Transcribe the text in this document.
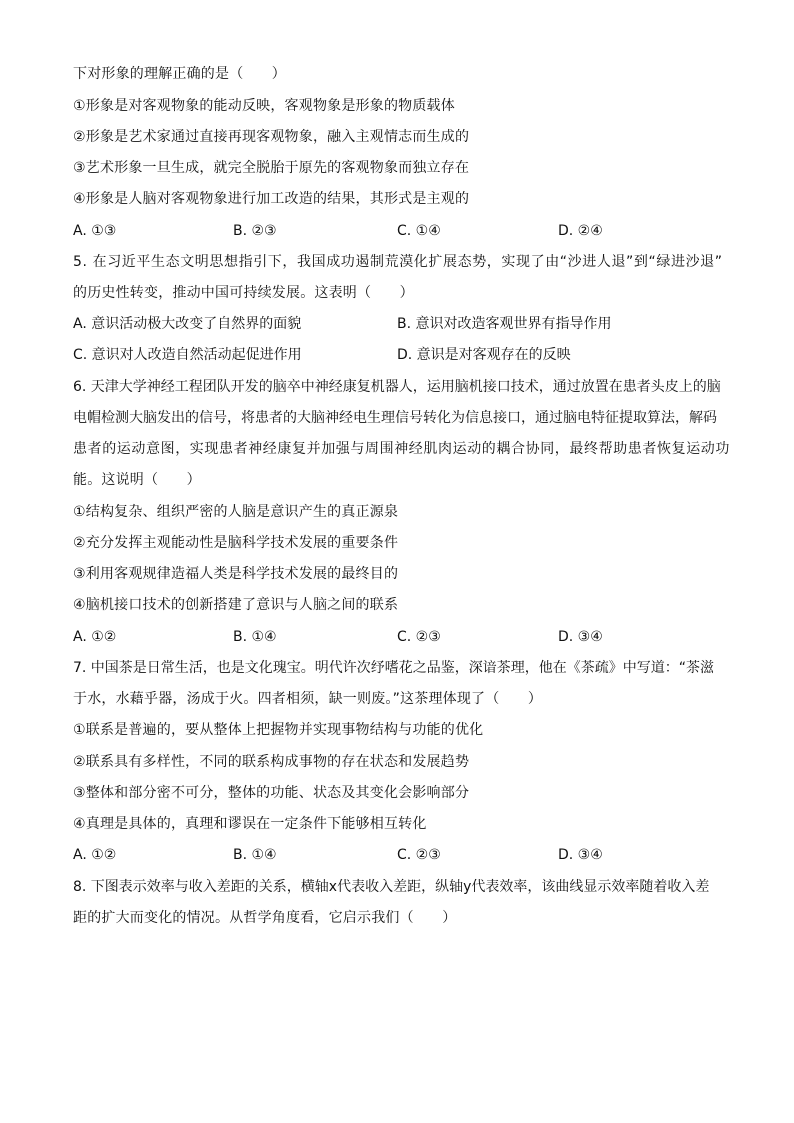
下对形象的理解正确的是（　　）
①形象是对客观物象的能动反映，客观物象是形象的物质载体
②形象是艺术家通过直接再现客观物象，融入主观情志而生成的
③艺术形象一旦生成，就完全脱胎于原先的客观物象而独立存在
④形象是人脑对客观物象进行加工改造的结果，其形式是主观的
A. ①③	B. ②③	C. ①④	D. ②④
5. 在习近平生态文明思想指引下，我国成功遏制荒漠化扩展态势，实现了由“沙进人退”到“绿进沙退”
的历史性转变，推动中国可持续发展。这表明（　　）
A. 意识活动极大改变了自然界的面貌	B. 意识对改造客观世界有指导作用
C. 意识对人改造自然活动起促进作用	D. 意识是对客观存在的反映
6. 天津大学神经工程团队开发的脑卒中神经康复机器人，运用脑机接口技术，通过放置在患者头皮上的脑
电帽检测大脑发出的信号，将患者的大脑神经电生理信号转化为信息接口，通过脑电特征提取算法，解码
患者的运动意图，实现患者神经康复并加强与周围神经肌肉运动的耦合协同，最终帮助患者恢复运动功
能。这说明（　　）
①结构复杂、组织严密的人脑是意识产生的真正源泉
②充分发挥主观能动性是脑科学技术发展的重要条件
③利用客观规律造福人类是科学技术发展的最终目的
④脑机接口技术的创新搭建了意识与人脑之间的联系
A. ①②	B. ①④	C. ②③	D. ③④
7. 中国茶是日常生活，也是文化瑰宝。明代许次纾嗜花之品鉴，深谙茶理，他在《茶疏》中写道：“茶滋
于水，水藉乎器，汤成于火。四者相须，缺一则废。”这茶理体现了（　　）
①联系是普遍的，要从整体上把握物并实现事物结构与功能的优化
②联系具有多样性，不同的联系构成事物的存在状态和发展趋势
③整体和部分密不可分，整体的功能、状态及其变化会影响部分
④真理是具体的，真理和谬误在一定条件下能够相互转化
A. ①②	B. ①④	C. ②③	D. ③④
8. 下图表示效率与收入差距的关系，横轴x代表收入差距，纵轴y代表效率，该曲线显示效率随着收入差
距的扩大而变化的情况。从哲学角度看，它启示我们（　　）
